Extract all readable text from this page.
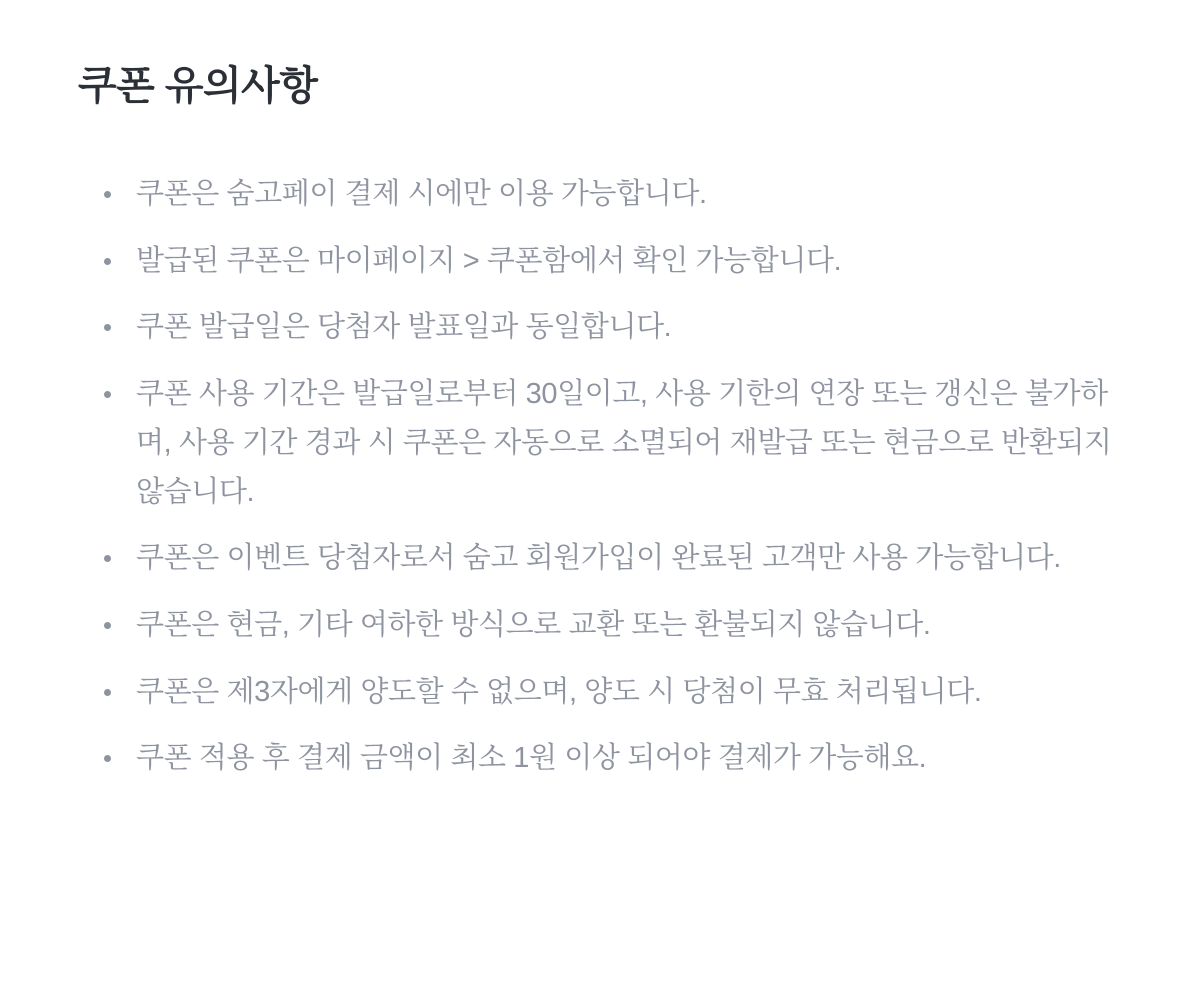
쿠폰 유의사항
쿠폰은 숨고페이 결제 시에만 이용 가능합니다.
발급된 쿠폰은 마이페이지 > 쿠폰함에서 확인 가능합니다.
쿠폰 발급일은 당첨자 발표일과 동일합니다.
쿠폰 사용 기간은 발급일로부터 30일이고, 사용 기한의 연장 또는 갱신은 불가하며, 사용 기간 경과 시 쿠폰은 자동으로 소멸되어 재발급 또는 현금으로 반환되지 않습니다.
쿠폰은 이벤트 당첨자로서 숨고 회원가입이 완료된 고객만 사용 가능합니다.
쿠폰은 현금, 기타 여하한 방식으로 교환 또는 환불되지 않습니다.
쿠폰은 제3자에게 양도할 수 없으며, 양도 시 당첨이 무효 처리됩니다.
쿠폰 적용 후 결제 금액이 최소 1원 이상 되어야 결제가 가능해요.
